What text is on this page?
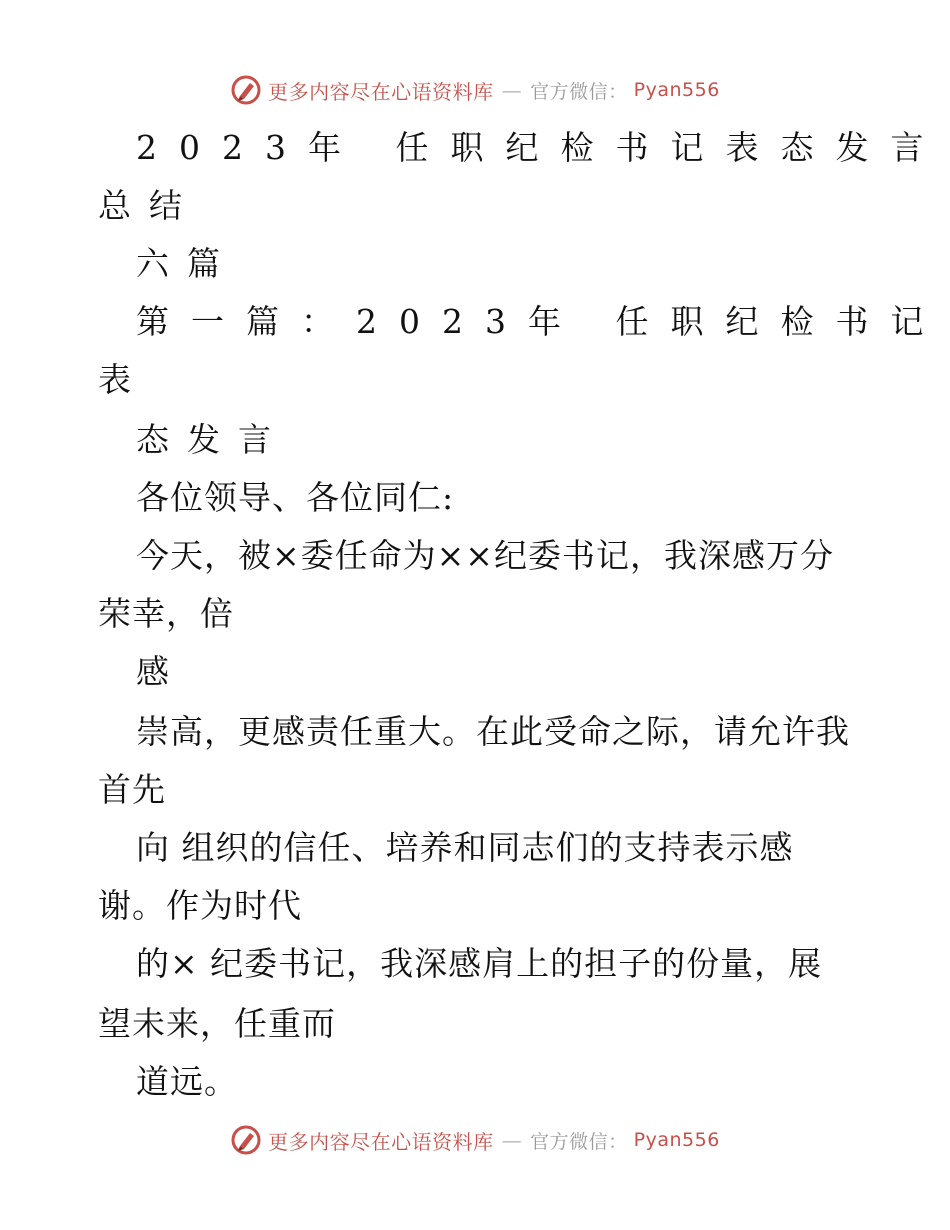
更多内容尽在心语资料库 — 官方微信： Pyan556
2023年 任职纪检书记表态发言
总结
六篇
第一篇：2023年 任职纪检书记
表
态发言
各位领导、各位同仁:
今天，被×委任命为××纪委书记，我深感万分
荣幸，倍
感
崇高，更感责任重大。在此受命之际，请允许我
首先
向 组织的信任、培养和同志们的支持表示感
谢。作为时代
的× 纪委书记，我深感肩上的担子的份量，展
望未来，任重而
道远。
更多内容尽在心语资料库 — 官方微信： Pyan556
